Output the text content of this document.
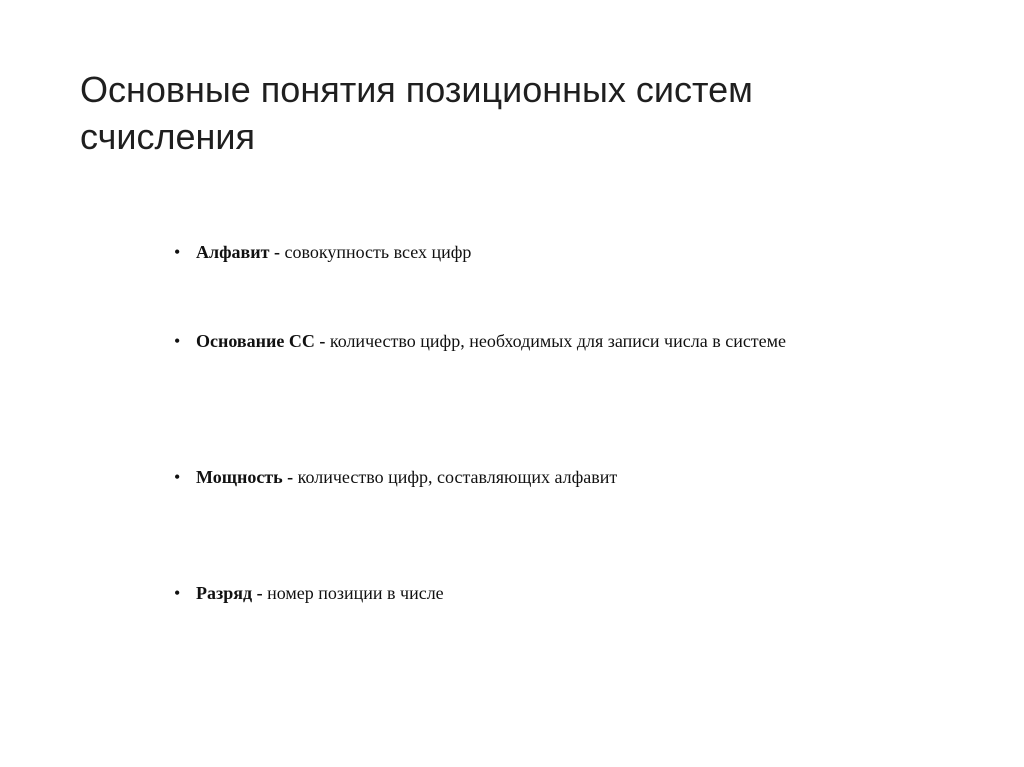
Основные понятия позиционных систем
счисления
• Алфавит - совокупность всех цифр
• Основание СС - количество цифр, необходимых для записи числа в системе
• Мощность - количество цифр, составляющих алфавит
• Разряд - номер позиции в числе
